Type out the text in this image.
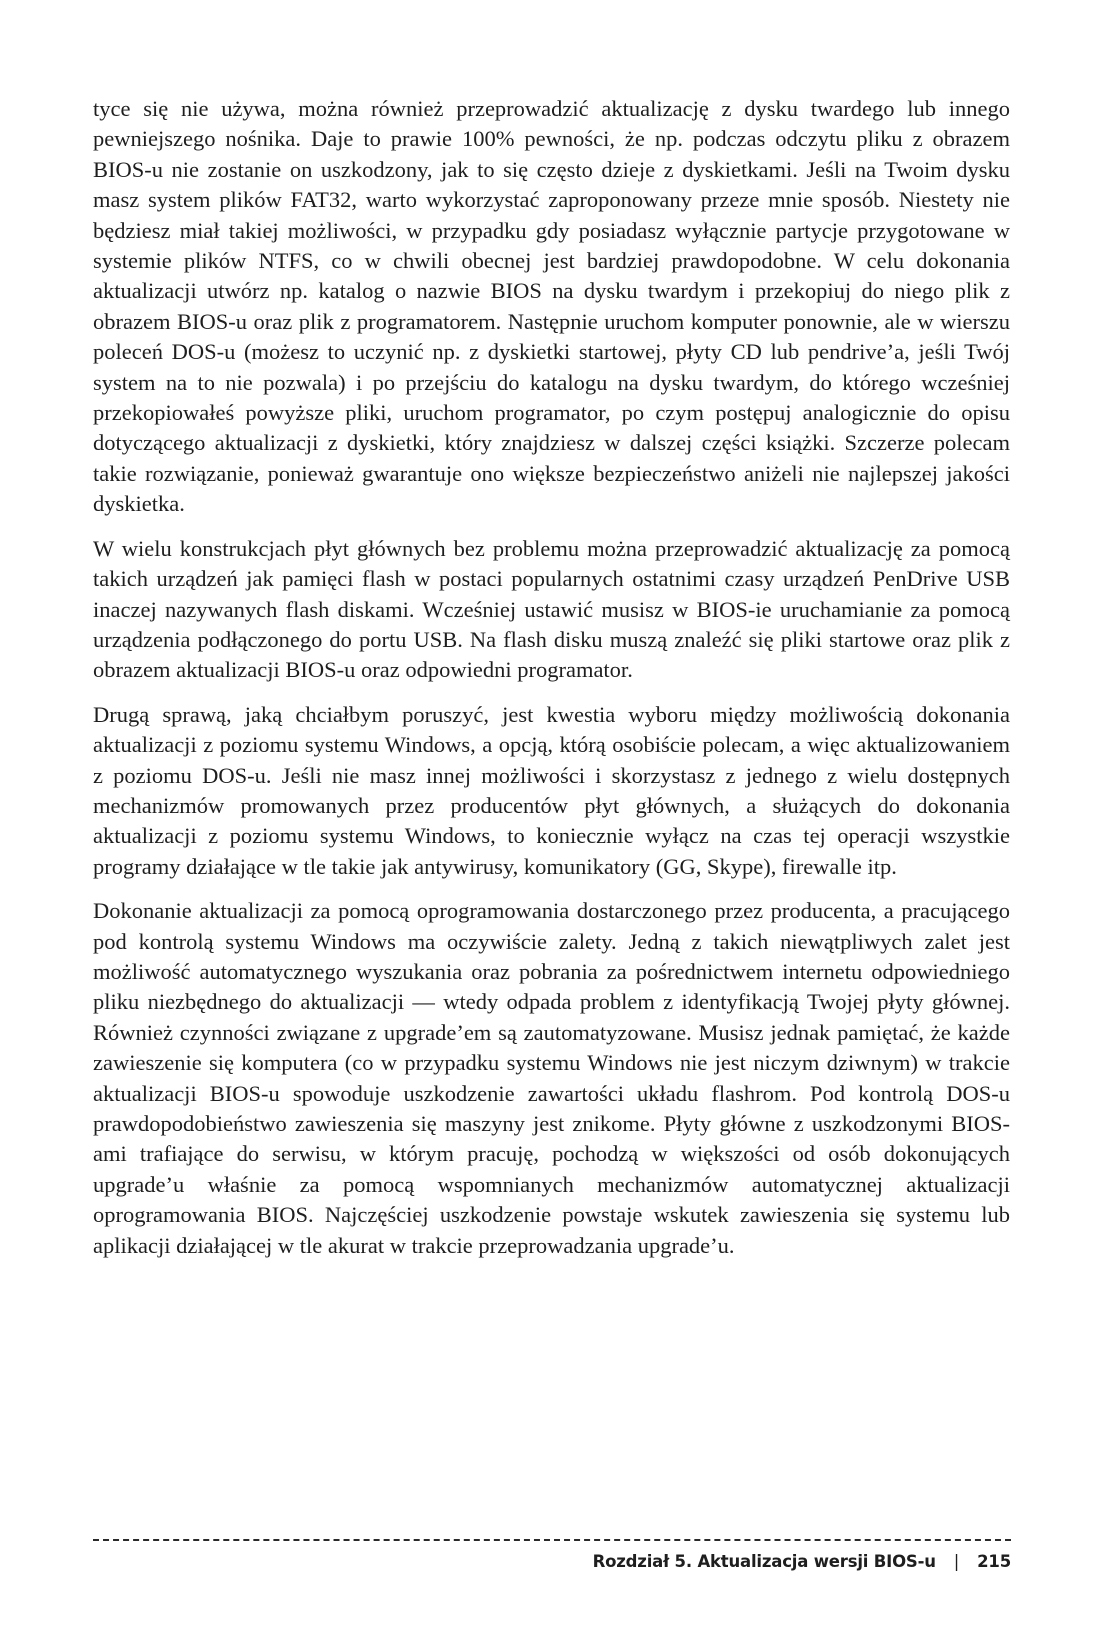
tyce się nie używa, można również przeprowadzić aktualizację z dysku twardego lub innego pewniejszego nośnika. Daje to prawie 100% pewności, że np. podczas odczytu pliku z obrazem BIOS-u nie zostanie on uszkodzony, jak to się często dzieje z dyskietkami. Jeśli na Twoim dysku masz system plików FAT32, warto wykorzystać zaproponowany przeze mnie sposób. Niestety nie będziesz miał takiej możliwości, w przypadku gdy posiadasz wyłącznie partycje przygotowane w systemie plików NTFS, co w chwili obecnej jest bardziej prawdopodobne. W celu dokonania aktualizacji utwórz np. katalog o nazwie BIOS na dysku twardym i przekopiuj do niego plik z obrazem BIOS-u oraz plik z programatorem. Następnie uruchom komputer ponownie, ale w wierszu poleceń DOS-u (możesz to uczynić np. z dyskietki startowej, płyty CD lub pendrive’a, jeśli Twój system na to nie pozwala) i po przejściu do katalogu na dysku twardym, do którego wcześniej przekopiowałeś powyższe pliki, uruchom programator, po czym postępuj analogicznie do opisu dotyczącego aktualizacji z dyskietki, który znajdziesz w dalszej części książki. Szczerze polecam takie rozwiązanie, ponieważ gwarantuje ono większe bezpieczeństwo aniżeli nie najlepszej jakości dyskietka.

W wielu konstrukcjach płyt głównych bez problemu można przeprowadzić aktualizację za pomocą takich urządzeń jak pamięci flash w postaci popularnych ostatnimi czasy urządzeń PenDrive USB inaczej nazywanych flash diskami. Wcześniej ustawić musisz w BIOS-ie uruchamianie za pomocą urządzenia podłączonego do portu USB. Na flash disku muszą znaleźć się pliki startowe oraz plik z obrazem aktualizacji BIOS-u oraz odpowiedni programator.

Drugą sprawą, jaką chciałbym poruszyć, jest kwestia wyboru między możliwością dokonania aktualizacji z poziomu systemu Windows, a opcją, którą osobiście polecam, a więc aktualizowaniem z poziomu DOS-u. Jeśli nie masz innej możliwości i skorzystasz z jednego z wielu dostępnych mechanizmów promowanych przez producentów płyt głównych, a służących do dokonania aktualizacji z poziomu systemu Windows, to koniecznie wyłącz na czas tej operacji wszystkie programy działające w tle takie jak antywirusy, komunikatory (GG, Skype), firewalle itp.

Dokonanie aktualizacji za pomocą oprogramowania dostarczonego przez producenta, a pracującego pod kontrolą systemu Windows ma oczywiście zalety. Jedną z takich niewątpliwych zalet jest możliwość automatycznego wyszukania oraz pobrania za pośrednictwem internetu odpowiedniego pliku niezbędnego do aktualizacji — wtedy odpada problem z identyfikacją Twojej płyty głównej. Również czynności związane z upgrade’em są zautomatyzowane. Musisz jednak pamiętać, że każde zawieszenie się komputera (co w przypadku systemu Windows nie jest niczym dziwnym) w trakcie aktualizacji BIOS-u spowoduje uszkodzenie zawartości układu flashrom. Pod kontrolą DOS-u prawdopodobieństwo zawieszenia się maszyny jest znikome. Płyty główne z uszkodzonymi BIOS-ami trafiające do serwisu, w którym pracuję, pochodzą w większości od osób dokonujących upgrade’u właśnie za pomocą wspomnianych mechanizmów automatycznej aktualizacji oprogramowania BIOS. Najczęściej uszkodzenie powstaje wskutek zawieszenia się systemu lub aplikacji działającej w tle akurat w trakcie przeprowadzania upgrade’u.

Rozdział 5. Aktualizacja wersji BIOS-u | 215
